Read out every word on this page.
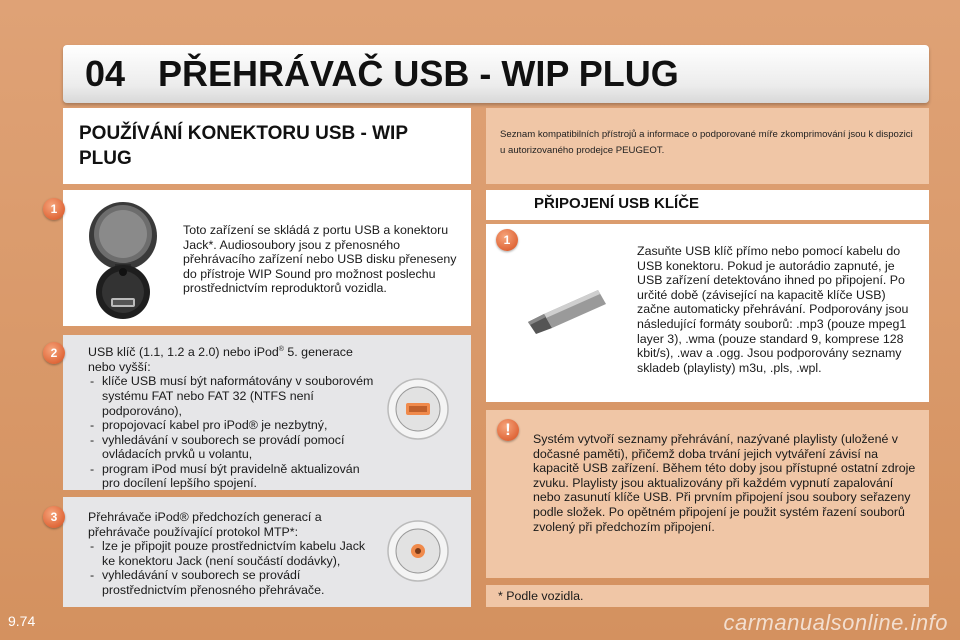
04 PŘEHRÁVAČ USB - WIP PLUG
POUŽÍVÁNÍ KONEKTORU USB - WIP PLUG
Seznam kompatibilních přístrojů a informace o podporované míře zkomprimování jsou k dispozici u autorizovaného prodejce PEUGEOT.
Toto zařízení se skládá z portu USB a konektoru Jack*. Audiosoubory jsou z přenosného přehrávacího zařízení nebo USB disku přeneseny do přístroje WIP Sound pro možnost poslechu prostřednictvím reproduktorů vozidla.
1
USB klíč (1.1, 1.2 a 2.0) nebo iPod® 5. generace nebo vyšší:
- klíče USB musí být naformátovány v souborovém systému FAT nebo FAT 32 (NTFS není podporováno),
- propojovací kabel pro iPod® je nezbytný,
- vyhledávání v souborech se provádí pomocí ovládacích prvků u volantu,
- program iPod musí být pravidelně aktualizován pro docílení lepšího spojení.
2
Přehrávače iPod® předchozích generací a přehrávače používající protokol MTP*:
- lze je připojit pouze prostřednictvím kabelu Jack ke konektoru Jack (není součástí dodávky),
- vyhledávání v souborech se provádí prostřednictvím přenosného přehrávače.
3
PŘIPOJENÍ USB KLÍČE
Zasuňte USB klíč přímo nebo pomocí kabelu do USB konektoru. Pokud je autorádio zapnuté, je USB zařízení detektováno ihned po připojení. Po určité době (závisející na kapacitě klíče USB) začne automaticky přehrávání. Podporovány jsou následující formáty souborů: .mp3 (pouze mpeg1 layer 3), .wma (pouze standard 9, komprese 128 kbit/s), .wav a .ogg. Jsou podporovány seznamy skladeb (playlisty) m3u, .pls, .wpl.
1
Systém vytvoří seznamy přehrávání, nazývané playlisty (uložené v dočasné paměti), přičemž doba trvání jejich vytváření závisí na kapacitě USB zařízení. Během této doby jsou přístupné ostatní zdroje zvuku. Playlisty jsou aktualizovány při každém vypnutí zapalování nebo zasunutí klíče USB. Při prvním připojení jsou soubory seřazeny podle složek. Po opětném připojení je použit systém řazení souborů zvolený při předchozím připojení.
!
* Podle vozidla.
9.74	carmanualsonline.info
